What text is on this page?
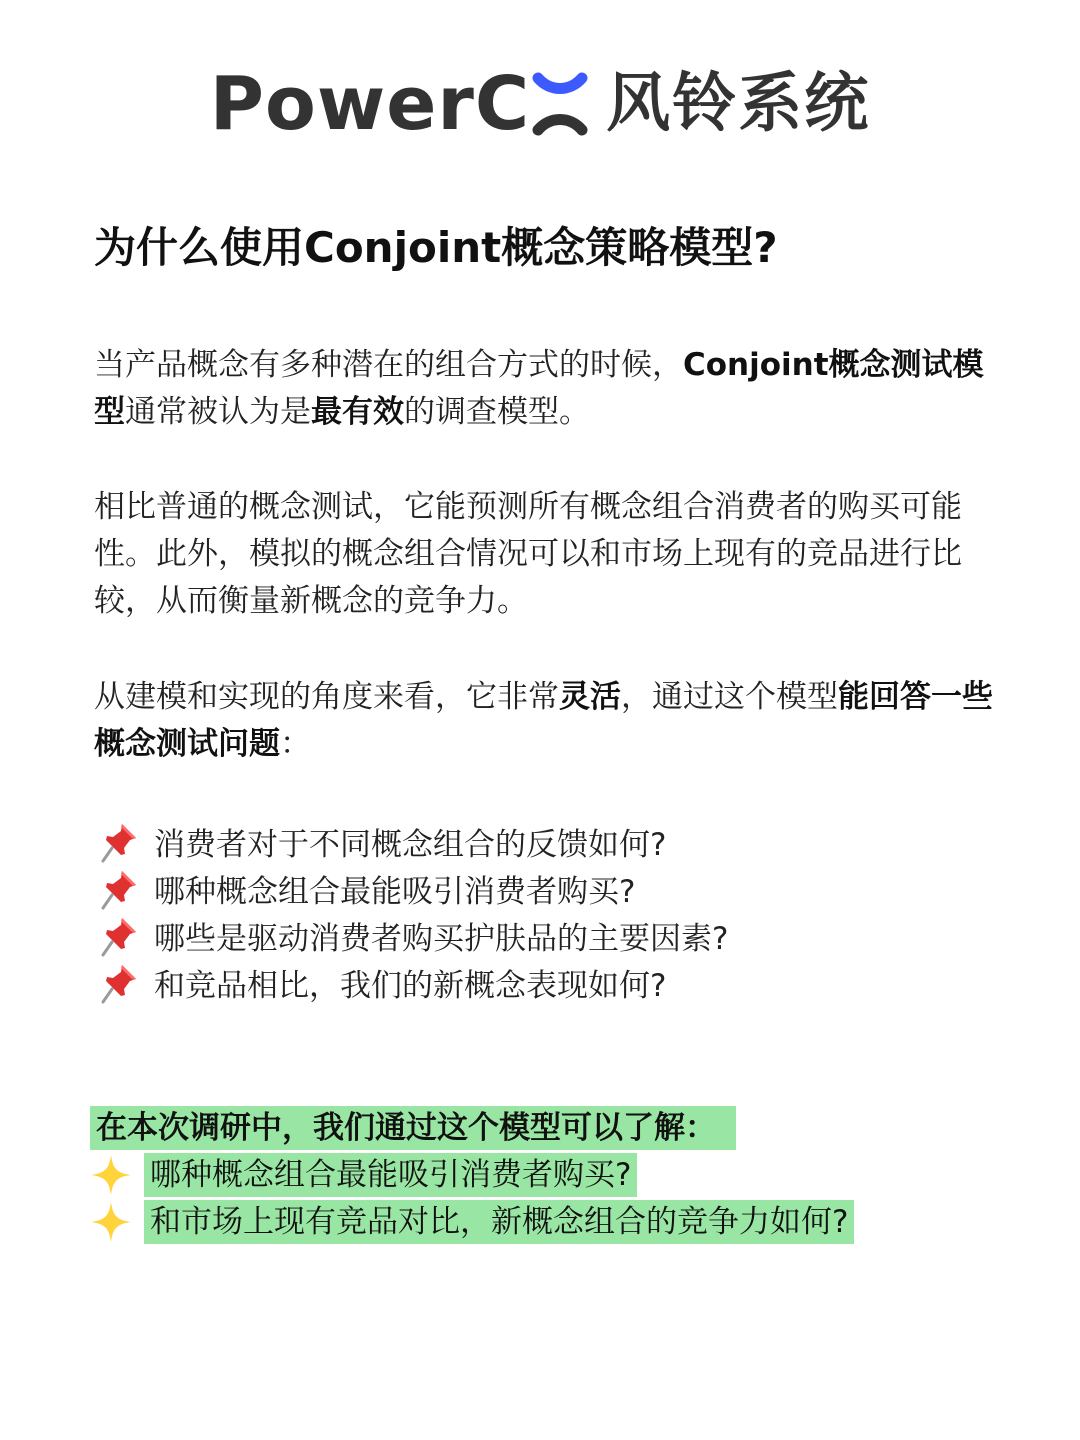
PowerC 风铃系统
为什么使用Conjoint概念策略模型?

当产品概念有多种潜在的组合方式的时候，Conjoint概念测试模型通常被认为是最有效的调查模型。

相比普通的概念测试，它能预测所有概念组合消费者的购买可能性。此外，模拟的概念组合情况可以和市场上现有的竞品进行比较，从而衡量新概念的竞争力。

从建模和实现的角度来看，它非常灵活，通过这个模型能回答一些概念测试问题：

消费者对于不同概念组合的反馈如何?
哪种概念组合最能吸引消费者购买?
哪些是驱动消费者购买护肤品的主要因素?
和竞品相比，我们的新概念表现如何?
在本次调研中，我们通过这个模型可以了解：
哪种概念组合最能吸引消费者购买?
和市场上现有竞品对比，新概念组合的竞争力如何?
